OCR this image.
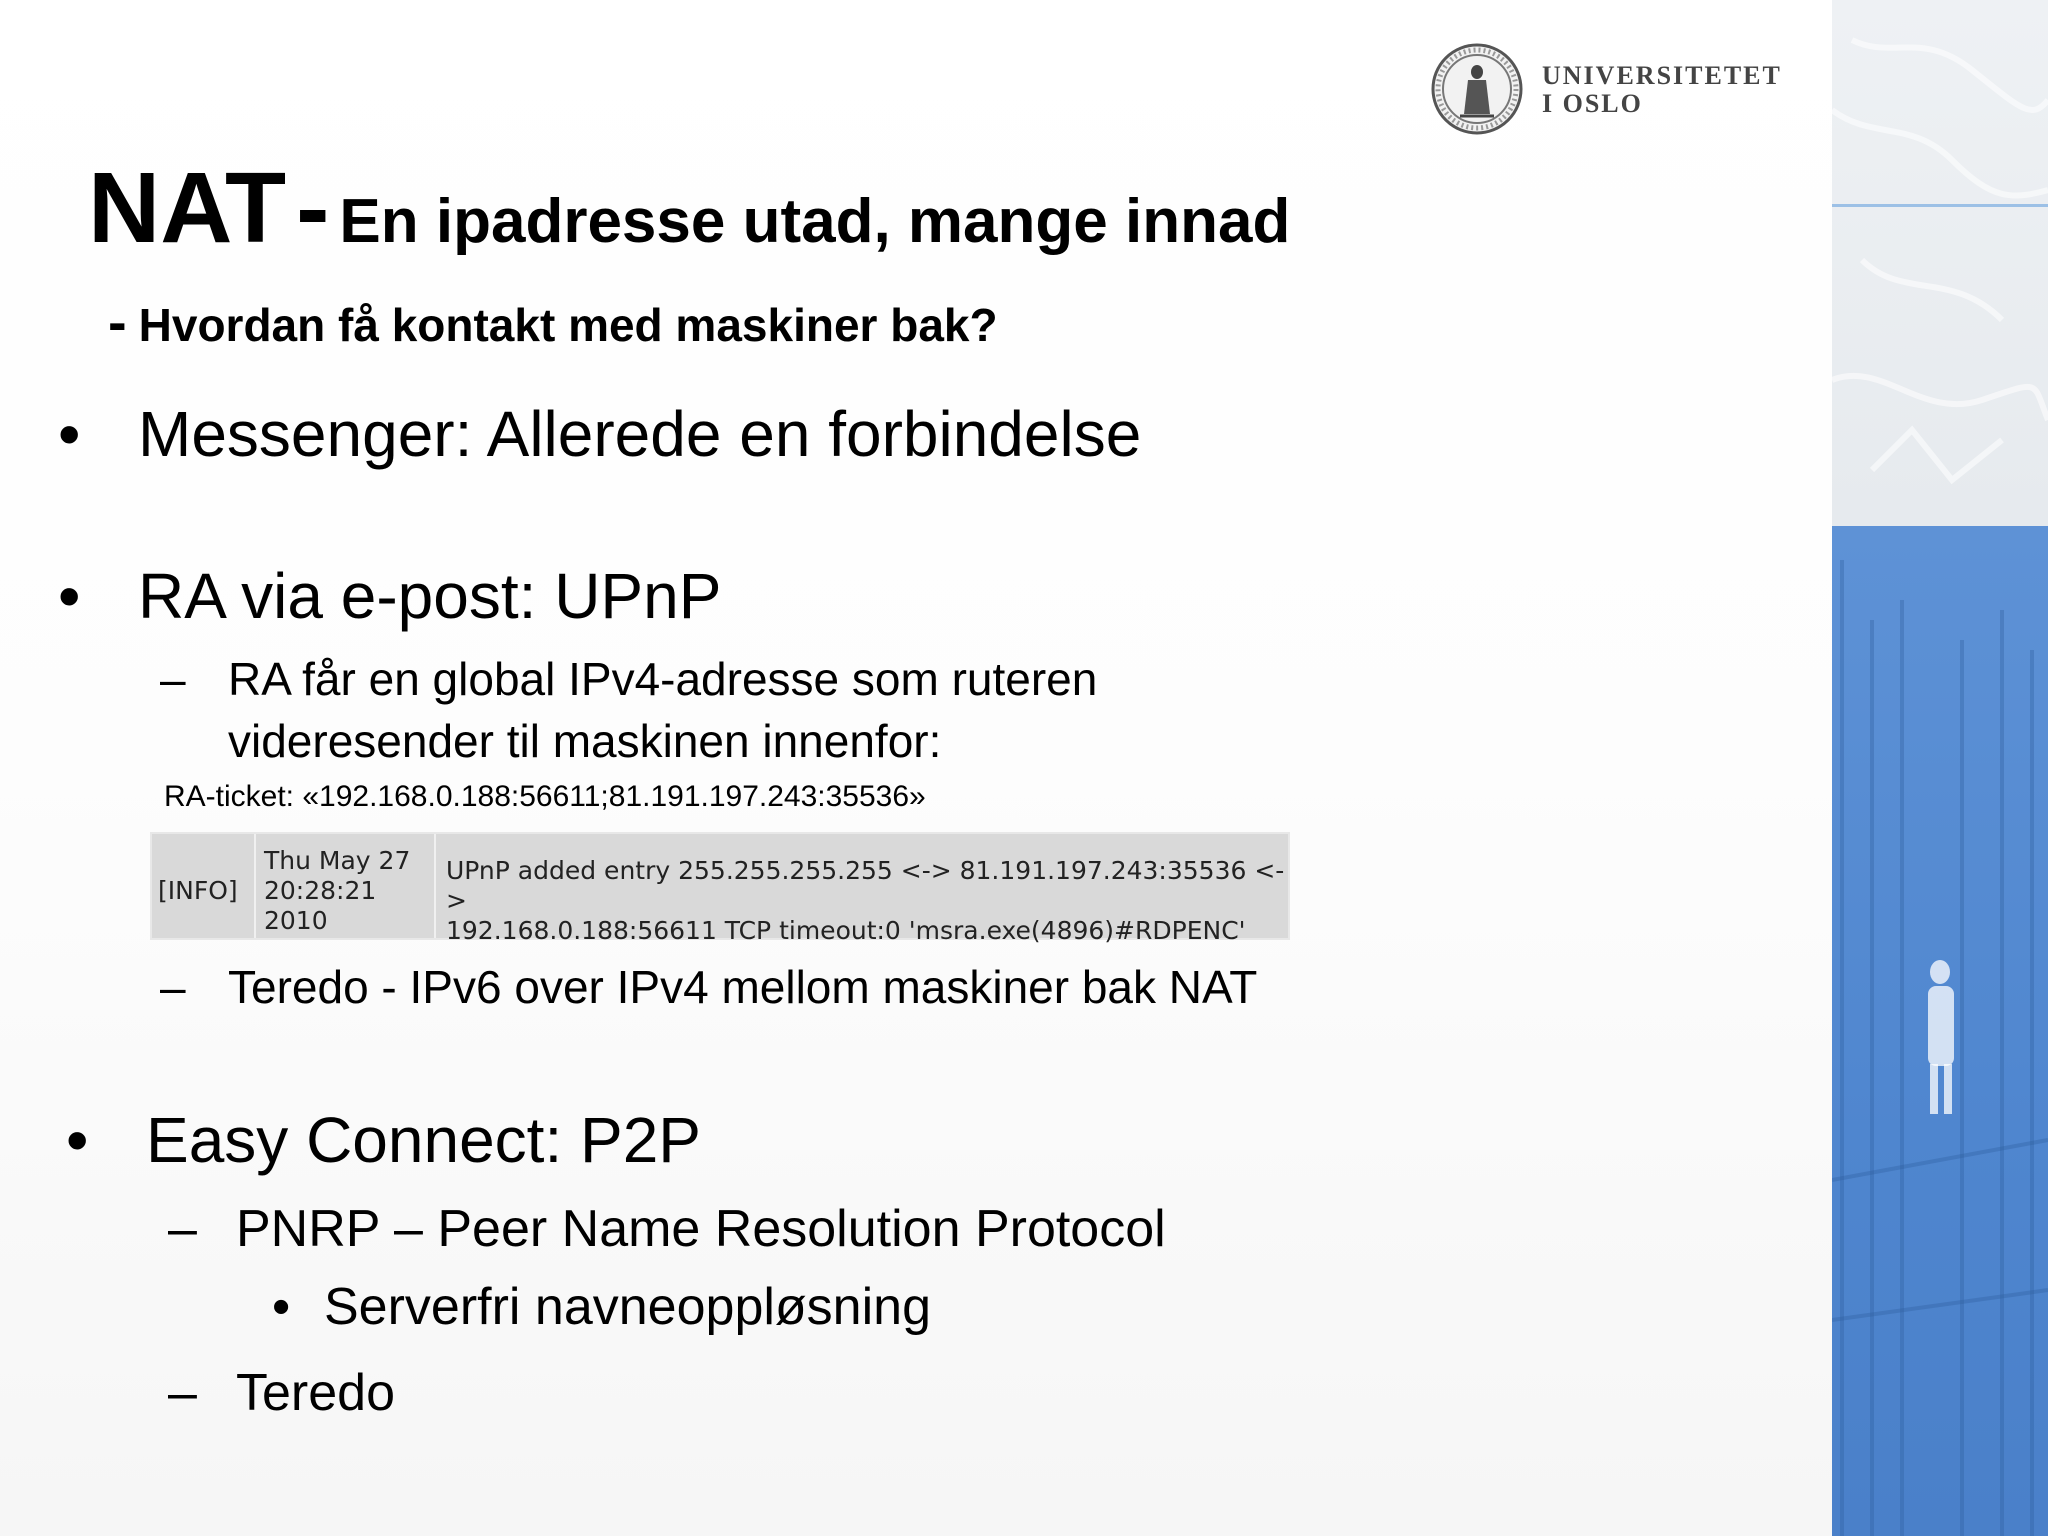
UNIVERSITETET
I OSLO
NAT - En ipadresse utad, mange innad
- Hvordan få kontakt med maskiner bak?
• Messenger: Allerede en forbindelse
• RA via e-post: UPnP
– RA får en global IPv4-adresse som ruteren
videresender til maskinen innenfor:
RA-ticket: «192.168.0.188:56611;81.191.197.243:35536»
[INFO]
Thu May 27
20:28:21
2010
UPnP added entry 255.255.255.255 <-> 81.191.197.243:35536 <->
192.168.0.188:56611 TCP timeout:0 'msra.exe(4896)#RDPENC'
– Teredo - IPv6 over IPv4 mellom maskiner bak NAT
• Easy Connect: P2P
– PNRP – Peer Name Resolution Protocol
• Serverfri navneoppløsning
– Teredo
